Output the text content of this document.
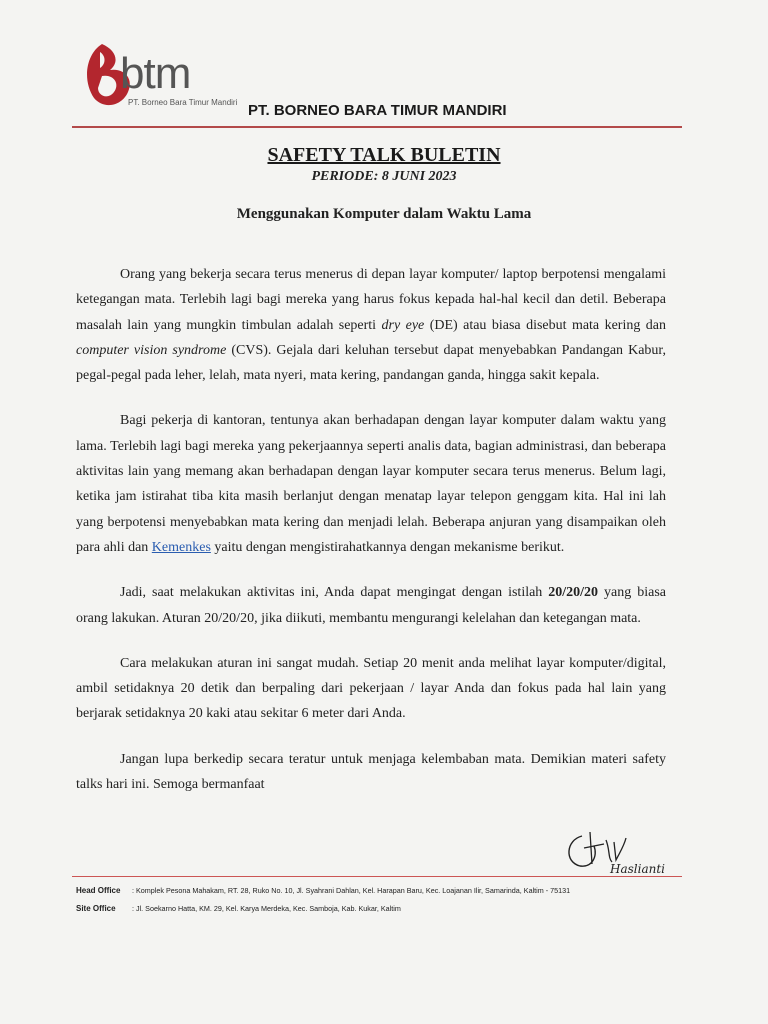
btm
PT. Borneo Bara Timur Mandiri PT. BORNEO BARA TIMUR MANDIRI
SAFETY TALK BULETIN
PERIODE: 8 JUNI 2023
Menggunakan Komputer dalam Waktu Lama

Orang yang bekerja secara terus menerus di depan layar komputer/ laptop berpotensi mengalami ketegangan mata. Terlebih lagi bagi mereka yang harus fokus kepada hal-hal kecil dan detil. Beberapa masalah lain yang mungkin timbulan adalah seperti dry eye (DE) atau biasa disebut mata kering dan computer vision syndrome (CVS). Gejala dari keluhan tersebut dapat menyebabkan Pandangan Kabur, pegal-pegal pada leher, lelah, mata nyeri, mata kering, pandangan ganda, hingga sakit kepala.

Bagi pekerja di kantoran, tentunya akan berhadapan dengan layar komputer dalam waktu yang lama. Terlebih lagi bagi mereka yang pekerjaannya seperti analis data, bagian administrasi, dan beberapa aktivitas lain yang memang akan berhadapan dengan layar komputer secara terus menerus. Belum lagi, ketika jam istirahat tiba kita masih berlanjut dengan menatap layar telepon genggam kita. Hal ini lah yang berpotensi menyebabkan mata kering dan menjadi lelah. Beberapa anjuran yang disampaikan oleh para ahli dan Kemenkes yaitu dengan mengistirahatkannya dengan mekanisme berikut.

Jadi, saat melakukan aktivitas ini, Anda dapat mengingat dengan istilah 20/20/20 yang biasa orang lakukan. Aturan 20/20/20, jika diikuti, membantu mengurangi kelelahan dan ketegangan mata.

Cara melakukan aturan ini sangat mudah. Setiap 20 menit anda melihat layar komputer/digital, ambil setidaknya 20 detik dan berpaling dari pekerjaan / layar Anda dan fokus pada hal lain yang berjarak setidaknya 20 kaki atau sekitar 6 meter dari Anda.

Jangan lupa berkedip secara teratur untuk menjaga kelembaban mata. Demikian materi safety talks hari ini. Semoga bermanfaat

Haslianti
Head Office : Komplek Pesona Mahakam, RT. 28, Ruko No. 10, Jl. Syahrani Dahlan, Kel. Harapan Baru, Kec. Loajanan Ilir, Samarinda, Kaltim - 75131
Site Office : Jl. Soekarno Hatta, KM. 29, Kel. Karya Merdeka, Kec. Samboja, Kab. Kukar, Kaltim
